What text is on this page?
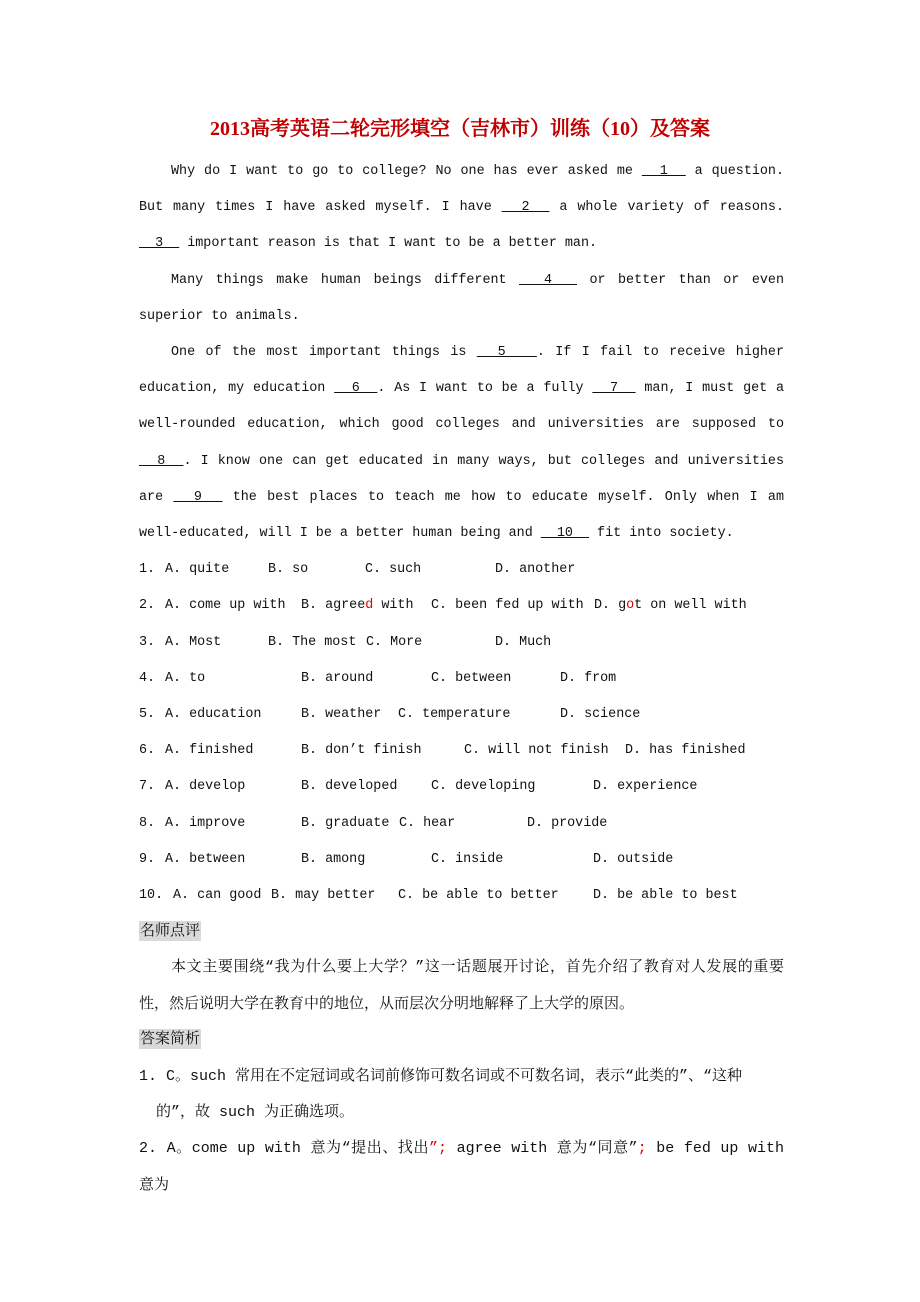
2013高考英语二轮完形填空（吉林市）训练（10）及答案
Why do I want to go to college? No one has ever asked me   1   a question. But many times I have asked myself. I have   2   a whole variety of reasons.   3   important reason is that I want to be a better man.
Many things make human beings different   4   or better than or even superior to animals.
One of the most important things is   5   . If I fail to receive higher education, my education   6  . As I want to be a fully   7   man, I must get a well-rounded education, which good colleges and universities are supposed to   8  . I know one can get educated in many ways, but colleges and universities are   9   the best places to teach me how to educate myself. Only when I am well-educated, will I be a better human being and   10   fit into society.
1. A. quite	B. so	C. such	D. another
2. A. come up with B. agreed with C. been fed up with D. got on well with
3. A. Most	B. The most C. More	D. Much
4. A. to	B. around	C. between	D. from
5. A. education	B. weather C. temperature	D. science
6. A. finished	B. don’t finish	C. will not finish D. has finished
7. A. develop	B. developed	C. developing	D. experience
8. A. improve	B. graduate C. hear	D. provide
9. A. between	B. among	C. inside	D. outside
10. A. can good B. may better C. be able to better	D. be able to best
名师点评
本文主要围绕“我为什么要上大学？”这一话题展开讨论，首先介绍了教育对人发展的重要性，然后说明大学在教育中的地位，从而层次分明地解释了上大学的原因。
答案简析
1. C。such 常用在不定冠词或名词前修饰可数名词或不可数名词，表示“此类的”、“这种
的”，故 such 为正确选项。
2. A。come up with 意为“提出、找出”; agree with 意为“同意”; be fed up with 意为
